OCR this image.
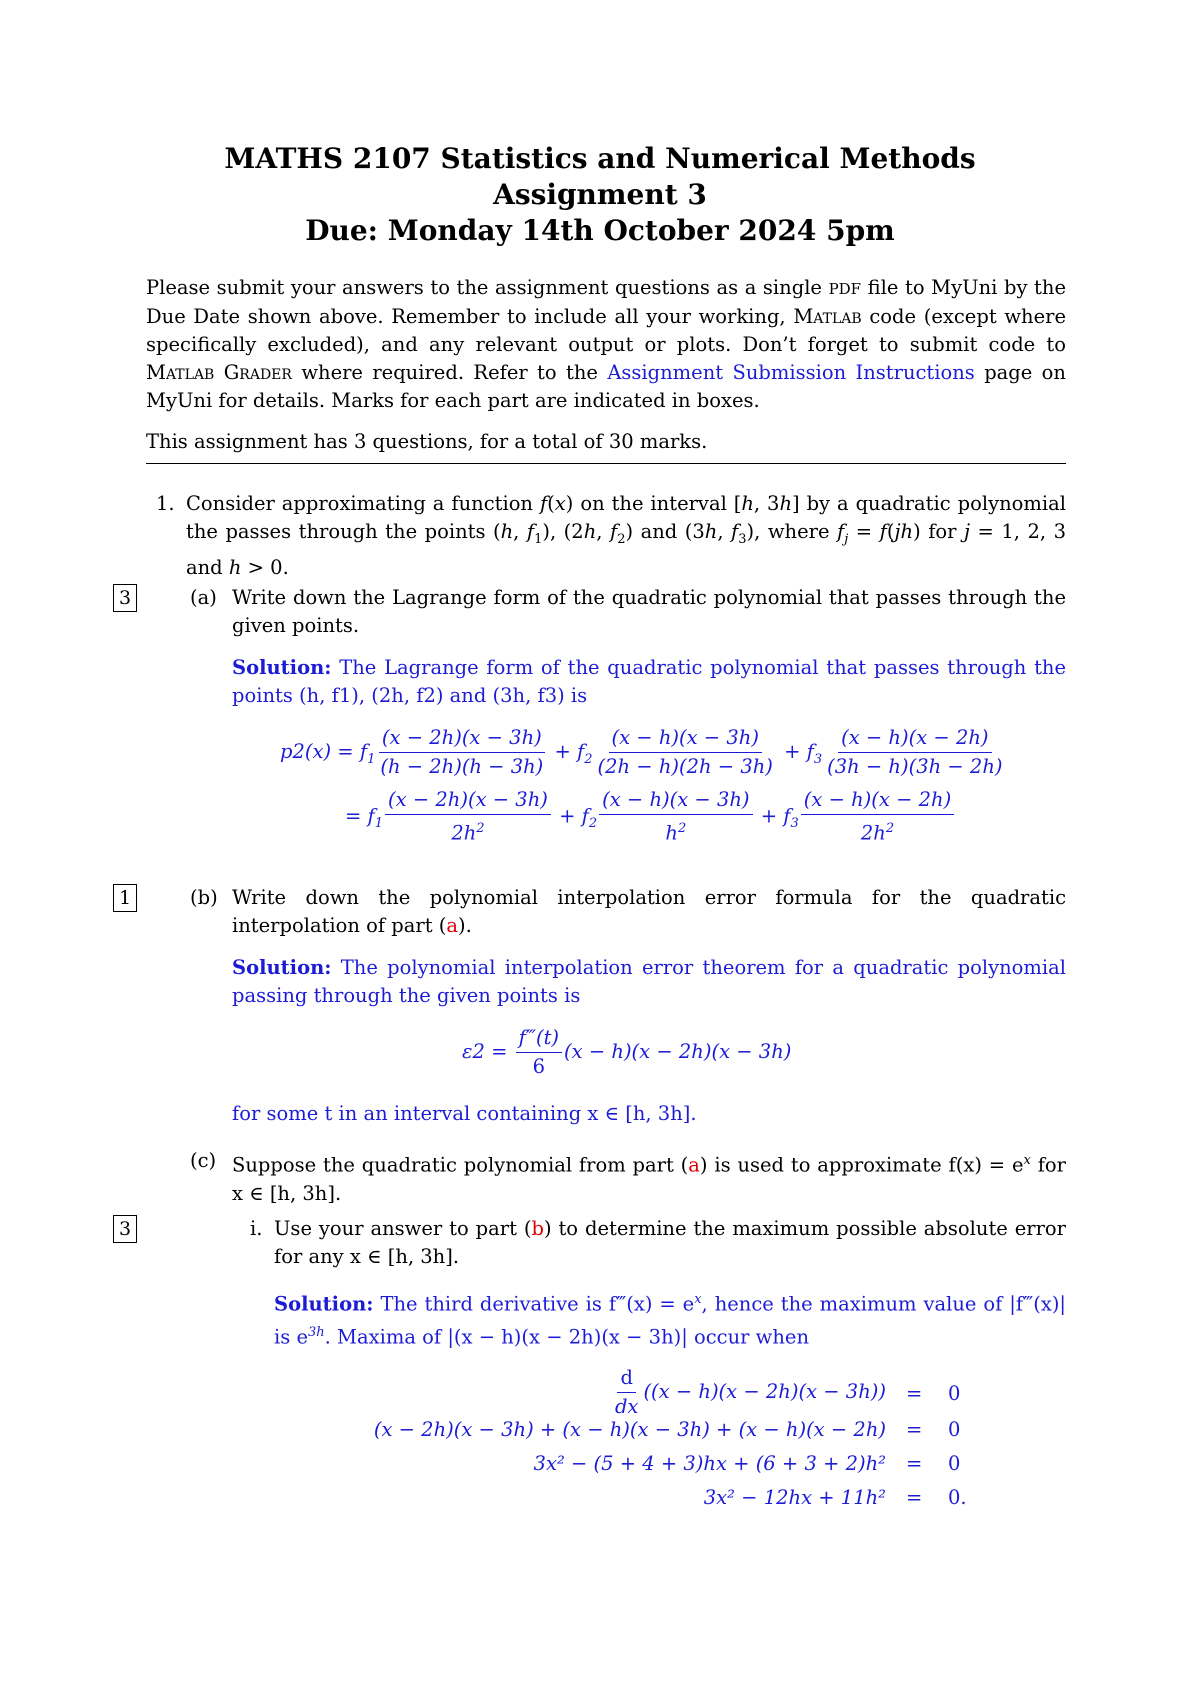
MATHS 2107 Statistics and Numerical Methods
Assignment 3
Due: Monday 14th October 2024 5pm
Please submit your answers to the assignment questions as a single PDF file to MyUni by the Due Date shown above. Remember to include all your working, Matlab code (except where specifically excluded), and any relevant output or plots. Don’t forget to submit code to Matlab Grader where required. Refer to the Assignment Submission Instructions page on MyUni for details. Marks for each part are indicated in boxes.
This assignment has 3 questions, for a total of 30 marks.
1. Consider approximating a function f(x) on the interval [h, 3h] by a quadratic polynomial the passes through the points (h, $f_1$), (2h, $f_2$) and (3h, $f_3$), where $f_j = f(jh)$ for j = 1, 2, 3 and h > 0.
3	(a) Write down the Lagrange form of the quadratic polynomial that passes through the given points.
Solution: The Lagrange form of the quadratic polynomial that passes through the points (h, f1), (2h, f2) and (3h, f3) is
$p2(x) = f_1 \frac{(x - 2h)(x - 3h)}{(h - 2h)(h - 3h)} + f_2 \frac{(x - h)(x - 3h)}{(2h - h)(2h - 3h)} + f_3 \frac{(x - h)(x - 2h)}{(3h - h)(3h - 2h)}$
= $f_1 \frac{(x - 2h)(x - 3h)}{2h^2} + f_2 \frac{(x - h)(x - 3h)}{h^2} + f_3 \frac{(x - h)(x - 2h)}{2h^2}$
1	(b) Write down the polynomial interpolation error formula for the quadratic interpolation of part (a).
Solution: The polynomial interpolation error theorem for a quadratic polynomial passing through the given points is
$\varepsilon 2 = \frac{f‴(t)}{6} (x - h)(x - 2h)(x - 3h)$
for some t in an interval containing x ∈ [h, 3h].
(c) Suppose the quadratic polynomial from part (a) is used to approximate $f(x) = e^x$ for x ∈ [h, 3h].
3	i. Use your answer to part (b) to determine the maximum possible absolute error for any x ∈ [h, 3h].
Solution: The third derivative is f‴(x) = $e^x$, hence the maximum value of |f‴(x)| is $e^{3h}$. Maxima of |(x − h)(x − 2h)(x − 3h)| occur when
$\frac{d}{dx} ((x - h)(x - 2h)(x - 3h)) = 0$
(x − 2h)(x − 3h) + (x − h)(x − 3h) + (x − h)(x − 2h) = 0
3x² − (5 + 4 + 3)hx + (6 + 3 + 2)h² = 0
3x² − 12hx + 11h² = 0.
